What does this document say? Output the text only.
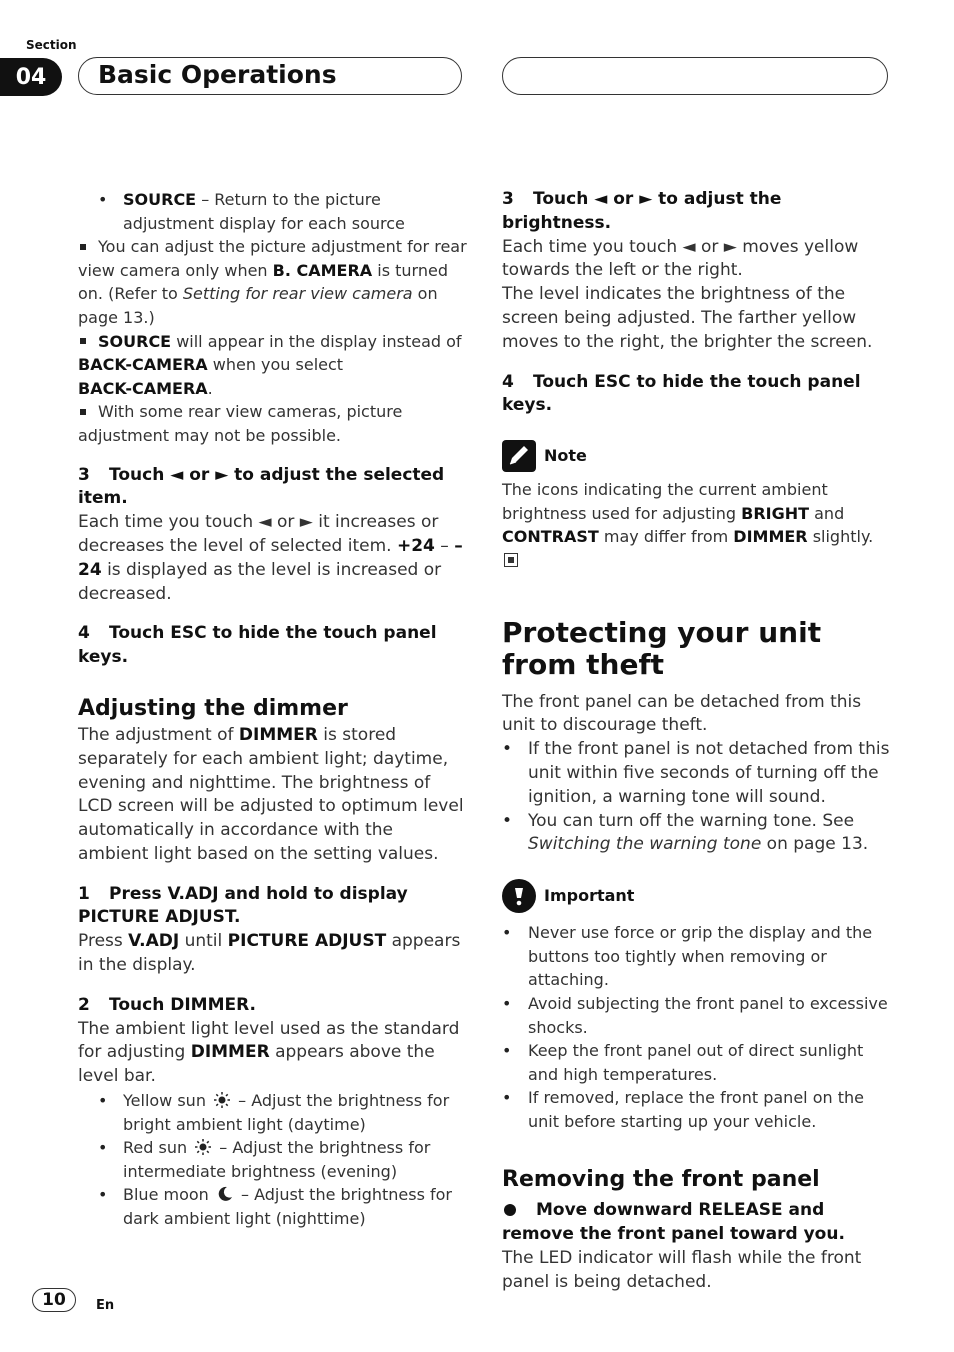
Section
04	Basic Operations

• SOURCE – Return to the picture adjustment display for each source

You can adjust the picture adjustment for rear view camera only when B. CAMERA is turned on. (Refer to Setting for rear view camera on page 13.)

SOURCE will appear in the display instead of BACK-CAMERA when you select
BACK-CAMERA.

With some rear view cameras, picture adjustment may not be possible.

3 Touch ◄ or ► to adjust the selected item.

Each time you touch ◄ or ► it increases or decreases the level of selected item. +24 – –24 is displayed as the level is increased or decreased.

4 Touch ESC to hide the touch panel keys.

Adjusting the dimmer

The adjustment of DIMMER is stored separately for each ambient light; daytime, evening and nighttime. The brightness of LCD screen will be adjusted to optimum level automatically in accordance with the ambient light based on the setting values.

1 Press V.ADJ and hold to display PICTURE ADJUST.

Press V.ADJ until PICTURE ADJUST appears in the display.

2 Touch DIMMER.

The ambient light level used as the standard for adjusting DIMMER appears above the level bar.

• Yellow sun  – Adjust the brightness for bright ambient light (daytime)

• Red sun  – Adjust the brightness for intermediate brightness (evening)

• Blue moon  – Adjust the brightness for dark ambient light (nighttime)

3 Touch ◄ or ► to adjust the brightness.

Each time you touch ◄ or ► moves yellow towards the left or the right.

The level indicates the brightness of the screen being adjusted. The farther yellow moves to the right, the brighter the screen.

4 Touch ESC to hide the touch panel keys.

Note

The icons indicating the current ambient brightness used for adjusting BRIGHT and CONTRAST may differ from DIMMER slightly.

Protecting your unit from theft

The front panel can be detached from this unit to discourage theft.

• If the front panel is not detached from this unit within five seconds of turning off the ignition, a warning tone will sound.

• You can turn off the warning tone. See Switching the warning tone on page 13.

Important

• Never use force or grip the display and the buttons too tightly when removing or attaching.

• Avoid subjecting the front panel to excessive shocks.

• Keep the front panel out of direct sunlight and high temperatures.

• If removed, replace the front panel on the unit before starting up your vehicle.

Removing the front panel

Move downward RELEASE and remove the front panel toward you.

The LED indicator will flash while the front panel is being detached.

10	En
